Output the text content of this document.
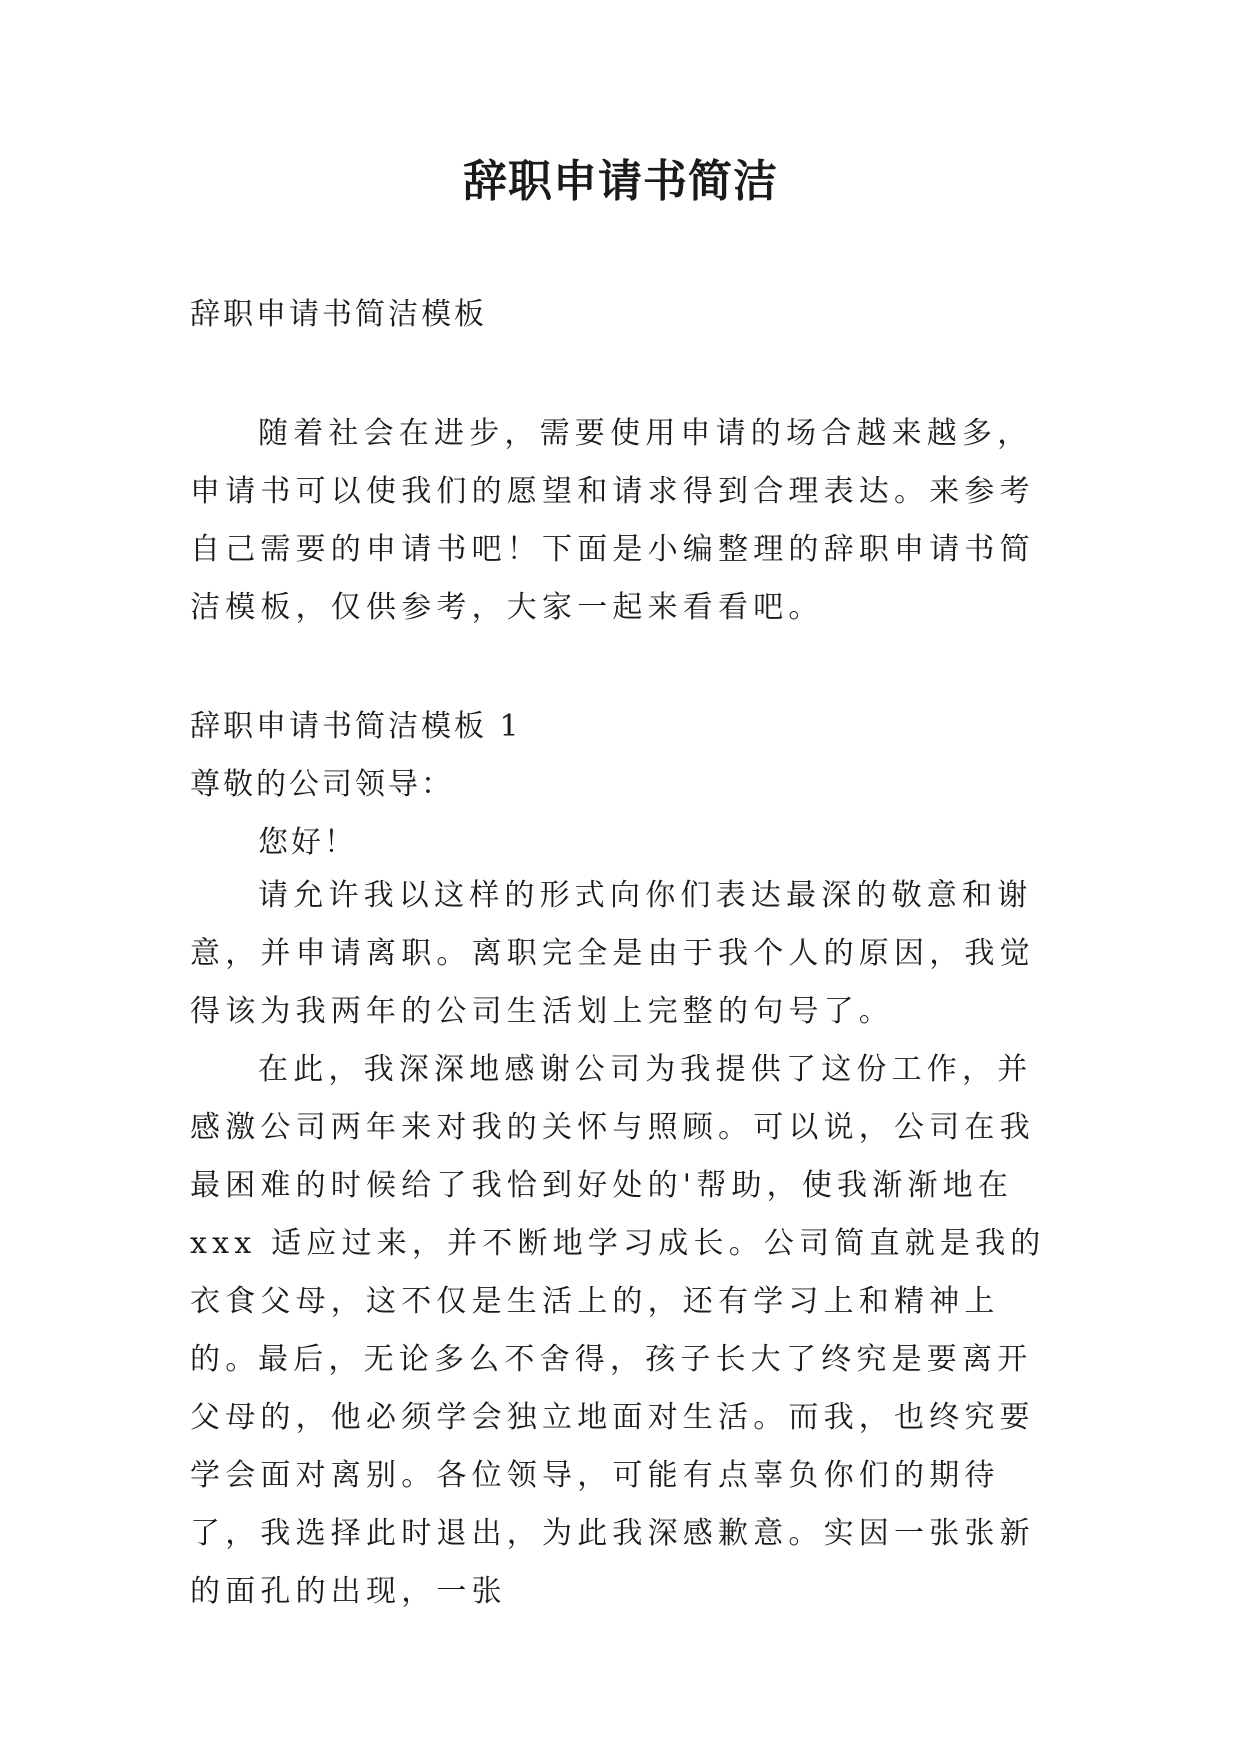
辞职申请书简洁
辞职申请书简洁模板

随着社会在进步，需要使用申请的场合越来越多，申请书可以使我们的愿望和请求得到合理表达。来参考自己需要的申请书吧！下面是小编整理的辞职申请书简洁模板，仅供参考，大家一起来看看吧。

辞职申请书简洁模板 1
尊敬的公司领导：
您好！

请允许我以这样的形式向你们表达最深的敬意和谢意，并申请离职。离职完全是由于我个人的原因，我觉得该为我两年的公司生活划上完整的句号了。

在此，我深深地感谢公司为我提供了这份工作，并感激公司两年来对我的关怀与照顾。可以说，公司在我最困难的时候给了我恰到好处的'帮助，使我渐渐地在 xxx 适应过来，并不断地学习成长。公司简直就是我的衣食父母，这不仅是生活上的，还有学习上和精神上的。

最后，无论多么不舍得，孩子长大了终究是要离开父母的，他必须学会独立地面对生活。而我，也终究要学会面对离别。各位领导，可能有点辜负你们的期待了，我选择此时退出，为此我深感歉意。实因一张张新的面孔的出现，一张
